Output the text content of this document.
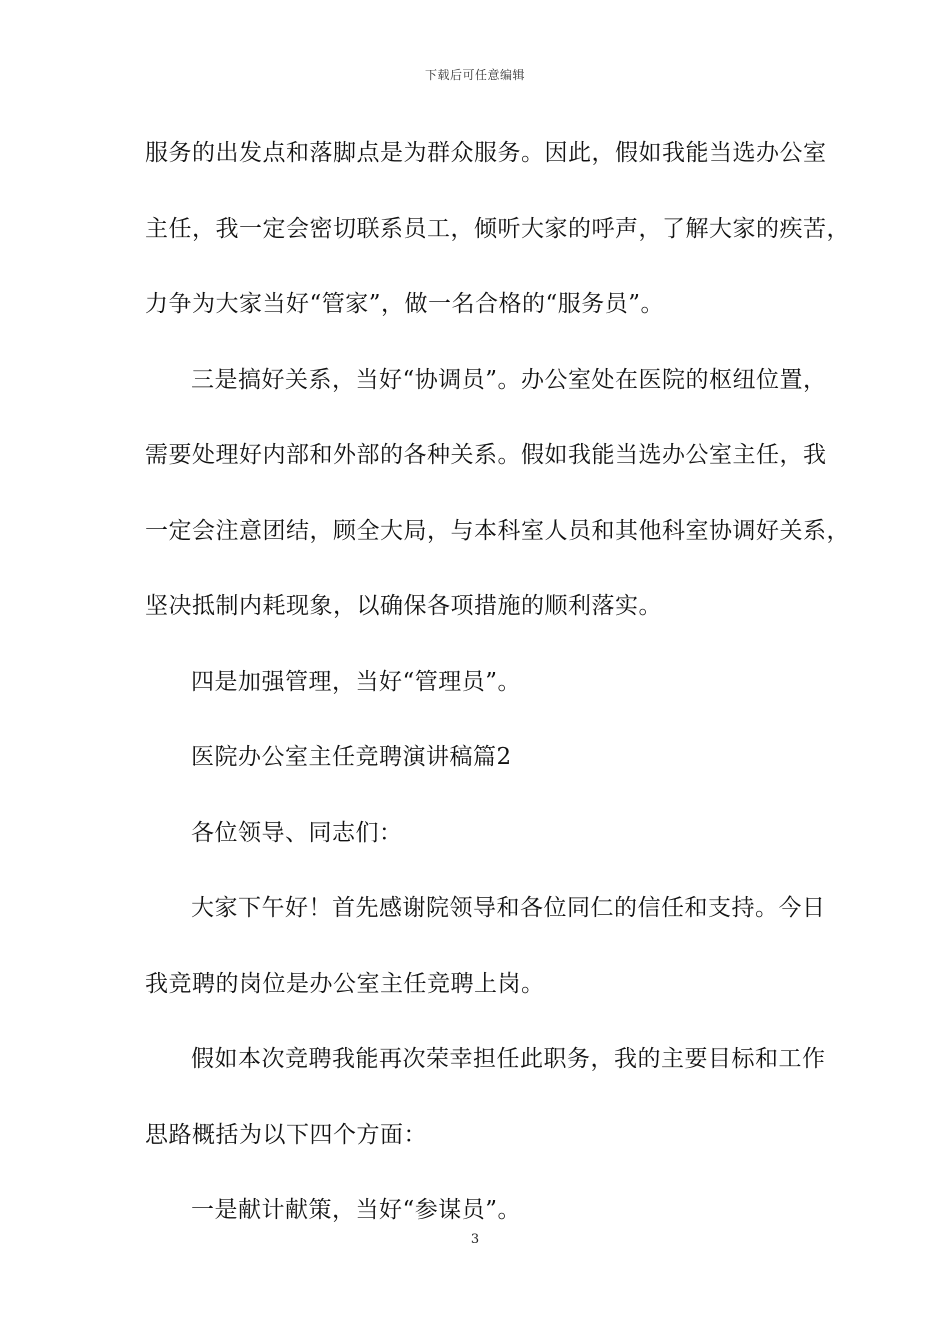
下载后可任意编辑
服务的出发点和落脚点是为群众服务。因此，假如我能当选办公室
主任，我一定会密切联系员工，倾听大家的呼声，了解大家的疾苦，
力争为大家当好“管家”，做一名合格的“服务员”。
三是搞好关系，当好“协调员”。办公室处在医院的枢纽位置，
需要处理好内部和外部的各种关系。假如我能当选办公室主任，我
一定会注意团结，顾全大局，与本科室人员和其他科室协调好关系，
坚决抵制内耗现象，以确保各项措施的顺利落实。
四是加强管理，当好“管理员”。
医院办公室主任竞聘演讲稿篇2
各位领导、同志们：
大家下午好！首先感谢院领导和各位同仁的信任和支持。今日
我竞聘的岗位是办公室主任竞聘上岗。
假如本次竞聘我能再次荣幸担任此职务，我的主要目标和工作
思路概括为以下四个方面：
一是献计献策，当好“参谋员”。
3
